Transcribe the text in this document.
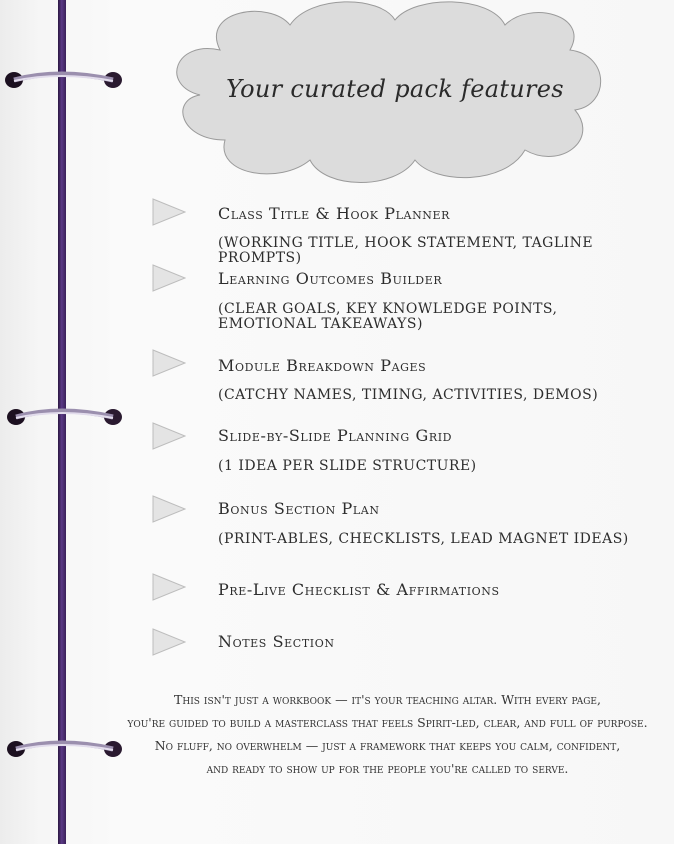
Your curated pack features
Class Title & Hook Planner
(WORKING TITLE, HOOK STATEMENT, TAGLINE PROMPTS)
Learning Outcomes Builder
(CLEAR GOALS, KEY KNOWLEDGE POINTS, EMOTIONAL TAKEAWAYS)
Module Breakdown Pages
(CATCHY NAMES, TIMING, ACTIVITIES, DEMOS)
Slide-by-Slide Planning Grid
(1 IDEA PER SLIDE STRUCTURE)
Bonus Section Plan
(PRINT-ABLES, CHECKLISTS, LEAD MAGNET IDEAS)
Pre-Live Checklist & Affirmations
Notes Section
This isn't just a workbook — it's your teaching altar. With every page,
you're guided to build a masterclass that feels Spirit-led, clear, and full of purpose.
No fluff, no overwhelm — just a framework that keeps you calm, confident,
and ready to show up for the people you're called to serve.
